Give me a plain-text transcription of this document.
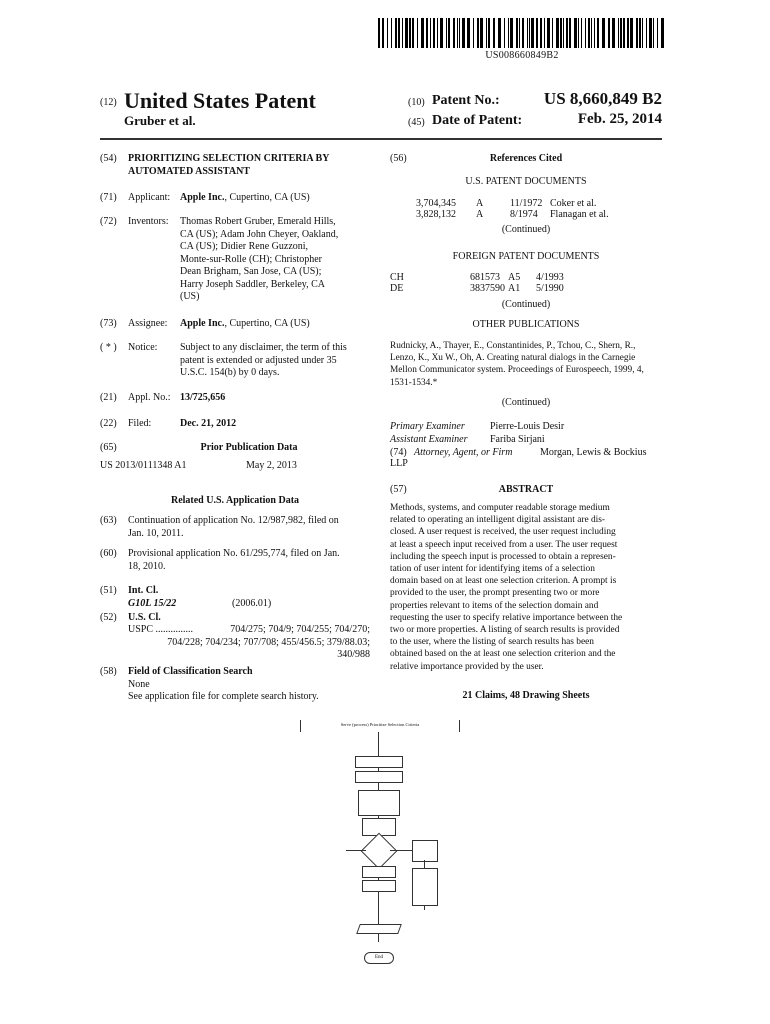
US008660849B2
(12) United States Patent
Gruber et al.
(10) Patent No.:	US 8,660,849 B2
(45) Date of Patent:	Feb. 25, 2014
(54)	PRIORITIZING SELECTION CRITERIA BY AUTOMATED ASSISTANT
(71)	Applicant: Apple Inc., Cupertino, CA (US)
(72)	Inventors:	Thomas Robert Gruber, Emerald Hills,
CA (US); Adam John Cheyer, Oakland,
CA (US); Didier Rene Guzzoni,
Monte-sur-Rolle (CH); Christopher
Dean Brigham, San Jose, CA (US);
Harry Joseph Saddler, Berkeley, CA
(US)
(73)	Assignee:	Apple Inc., Cupertino, CA (US)
( * )	Notice:	Subject to any disclaimer, the term of this
patent is extended or adjusted under 35
U.S.C. 154(b) by 0 days.
(21)	Appl. No.: 13/725,656
(22)	Filed:	Dec. 21, 2012
(65)	Prior Publication Data
US 2013/0111348 A1	May 2, 2013
Related U.S. Application Data
(63)	Continuation of application No. 12/987,982, filed on
Jan. 10, 2011.
(60)	Provisional application No. 61/295,774, filed on Jan.
18, 2010.
(51)	Int. Cl.
G10L 15/22	(2006.01)
(52)	U.S. Cl.
USPC ...............	704/275; 704/9; 704/255; 704/270;
704/228; 704/234; 707/708; 455/456.5; 379/88.03; 340/988
(58)	Field of Classification Search
None
See application file for complete search history.
(56)	References Cited
U.S. PATENT DOCUMENTS
3,704,345 A	11/1972 Coker et al.
3,828,132 A	8/1974 Flanagan et al.
(Continued)
FOREIGN PATENT DOCUMENTS
CH	681573 A5 4/1993
DE	3837590 A1 5/1990
(Continued)
OTHER PUBLICATIONS
Rudnicky, A., Thayer, E., Constantinides, P., Tchou, C., Shern, R.,
Lenzo, K., Xu W., Oh, A. Creating natural dialogs in the Carnegie
Mellon Communicator system. Proceedings of Eurospeech, 1999, 4,
1531-1534.*
(Continued)
Primary Examiner	Pierre-Louis Desir
Assistant Examiner Fariba Sirjani
(74) Attorney, Agent, or Firm	Morgan, Lewis & Bockius
LLP
(57)	ABSTRACT
Methods, systems, and computer readable storage medium
related to operating an intelligent digital assistant are dis-
closed. A user request is received, the user request including
at least a speech input received from a user. The user request
including the speech input is processed to obtain a represen-
tation of user intent for identifying items of a selection
domain based on at least one selection criterion. A prompt is
provided to the user, the prompt presenting two or more
properties relevant to items of the selection domain and
requesting the user to specify relative importance between the
two or more properties. A listing of search results is provided
to the user, where the listing of search results has been
obtained based on the at least one selection criterion and the
relative importance provided by the user.
21 Claims, 48 Drawing Sheets
Serve (process) Prioritize Selection Criteria
End
